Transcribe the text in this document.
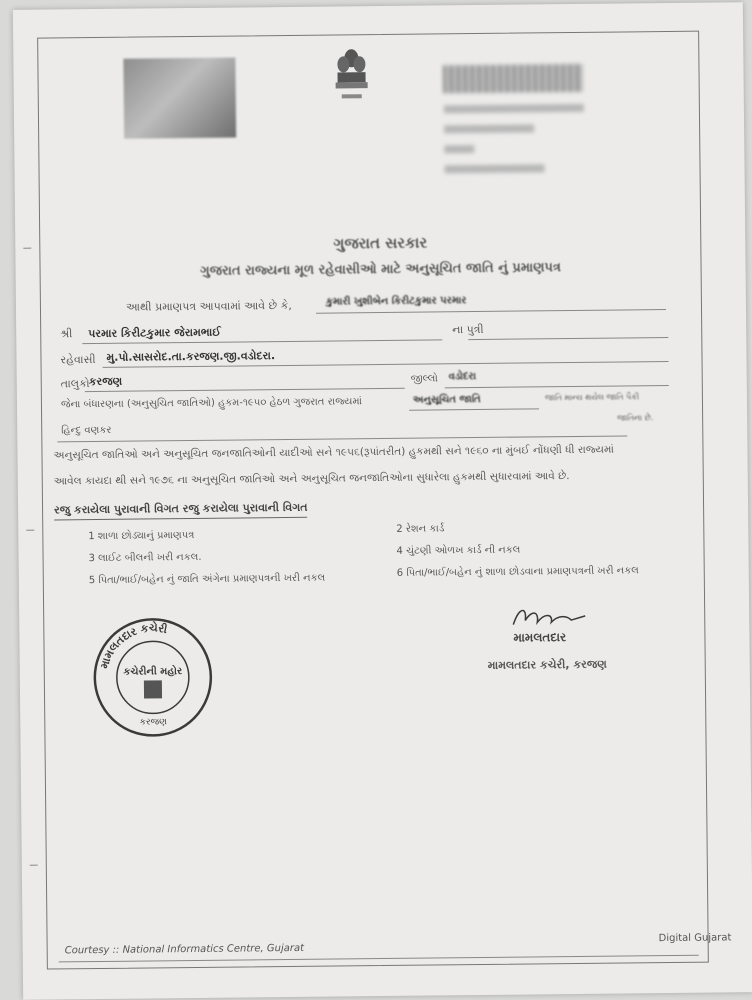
ગુજરાત સરકાર
ગુજરાત રાજ્યના મૂળ રહેવાસીઓ માટે અનુસૂચિત જાતિ નું પ્રમાણપત્ર
આથી પ્રમાણપત્ર આપવામાં આવે છે કે,	કુમારી ખુશીબેન કિરીટકુમાર પરમાર
શ્રી પરમાર કિરીટકુમાર જેરામભાઈ	ના પુત્રી
રહેવાસી મુ.પો.સાસરોદ.તા.કરજણ.જી.વડોદરા.
તાલુકો કરજણ	જીલ્લો વડોદરા
જેના બંધારણના (અનુસુચિત જાતિઓ) હુકમ-૧૯૫૦ હેઠળ ગુજરાત રાજ્યમાં	અનુસૂચિત જાતિ	જાતિ માન્ય થયેલ જાતિ પૈકી
હિન્દુ વણકર
જાતિના છે.
અનુસૂચિત જાતિઓ અને અનુસૂચિત જનજાતિઓની યાદીઓ સને ૧૯૫૬(રૂપાંતરીત) હુકમથી સને ૧૯૬૦ ના મુંબઈ નોંધણી ધી રાજ્યમાં
આવેલ કાયદા થી સને ૧૯૭૬ ના અનુસૂચિત જાતિઓ અને અનુસૂચિત જનજાતિઓના સુધારેલા હુકમથી સુધારવામાં આવે છે.
રજુ કરાયેલા પુરાવાની વિગત રજુ કરાયેલા પુરાવાની વિગત
1 શાળા છોડ્યાનું પ્રમાણપત્ર
2 રેશન કાર્ડ
3 લાઈટ બીલની ખરી નકલ.
4 ચુંટણી ઓળખ કાર્ડ ની નકલ
5 પિતા/ભાઈ/બહેન નું જાતિ અંગેના પ્રમાણપત્રની ખરી નકલ
6 પિતા/ભાઈ/બહેન નું શાળા છોડવાના પ્રમાણપત્રની ખરી નકલ
મામલતદાર કચેરી
કચેરીની મહોર
કરજણ
મામલતદાર
મામલતદાર કચેરી, કરજણ
Digital Gujarat
Courtesy :: National Informatics Centre, Gujarat
